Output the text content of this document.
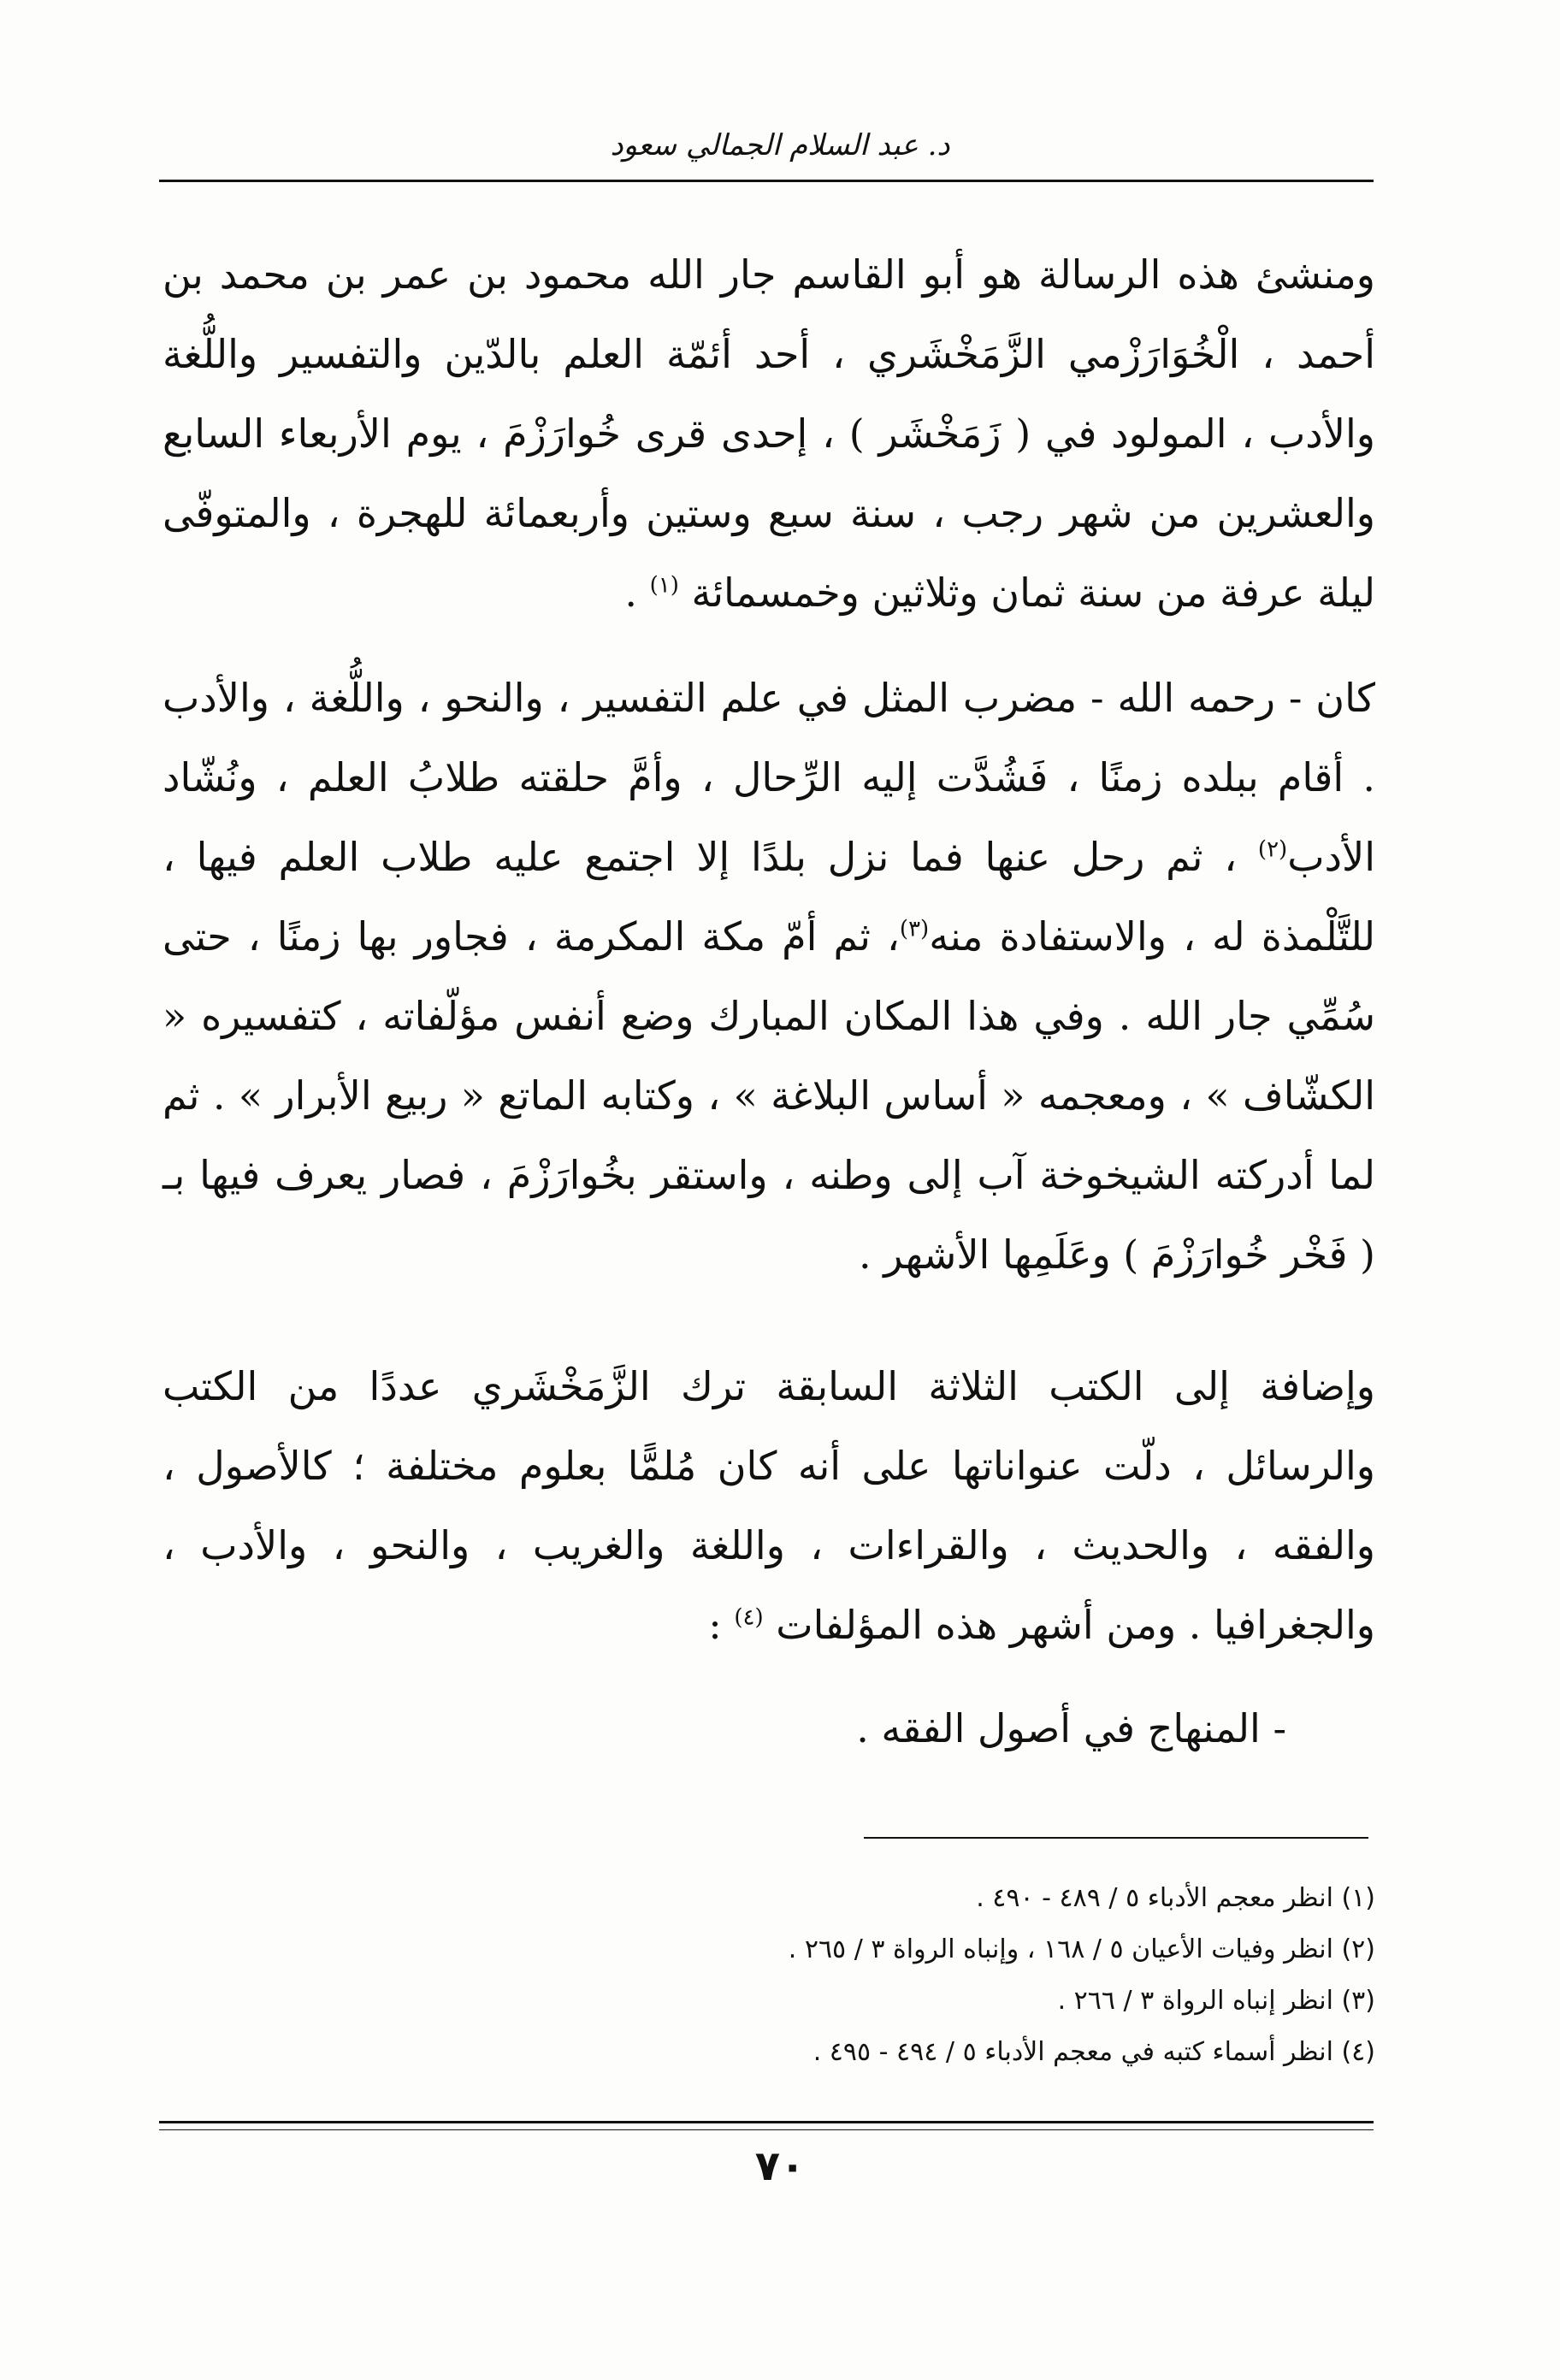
د. عبد السلام الجمالي سعود

ومنشئ هذه الرسالة هو أبو القاسم جار الله محمود بن عمر بن محمد بن أحمد ، الْخُوَارَزْمي الزَّمَخْشَري ، أحد أئمّة العلم بالدّين والتفسير واللُّغة والأدب ، المولود في ( زَمَخْشَر ) ، إحدى قرى خُوارَزْمَ ، يوم الأربعاء السابع والعشرين من شهر رجب ، سنة سبع وستين وأربعمائة للهجرة ، والمتوفّى ليلة عرفة من سنة ثمان وثلاثين وخمسمائة $^{(١)}$ .

كان - رحمه الله - مضرب المثل في علم التفسير ، والنحو ، واللُّغة ، والأدب . أقام ببلده زمنًا ، فَشُدَّت إليه الرِّحال ، وأمَّ حلقته طلابُ العلم ، ونُشّاد الأدب$^{(٢)}$ ، ثم رحل عنها فما نزل بلدًا إلا اجتمع عليه طلاب العلم فيها ، للتَّلْمذة له ، والاستفادة منه$^{(٣)}$، ثم أمّ مكة المكرمة ، فجاور بها زمنًا ، حتى سُمِّي جار الله . وفي هذا المكان المبارك وضع أنفس مؤلّفاته ، كتفسيره « الكشّاف » ، ومعجمه « أساس البلاغة » ، وكتابه الماتع « ربيع الأبرار » . ثم لما أدركته الشيخوخة آب إلى وطنه ، واستقر بخُوارَزْمَ ، فصار يعرف فيها بـ ( فَخْر خُوارَزْمَ ) وعَلَمِها الأشهر .

وإضافة إلى الكتب الثلاثة السابقة ترك الزَّمَخْشَري عددًا من الكتب والرسائل ، دلّت عنواناتها على أنه كان مُلمًّا بعلوم مختلفة ؛ كالأصول ، والفقه ، والحديث ، والقراءات ، واللغة والغريب ، والنحو ، والأدب ، والجغرافيا . ومن أشهر هذه المؤلفات $^{(٤)}$ :

- المنهاج في أصول الفقه .

(١) انظر معجم الأدباء ٥ / ٤٨٩ - ٤٩٠ .

(٢) انظر وفيات الأعيان ٥ / ١٦٨ ، وإنباه الرواة ٣ / ٢٦٥ .

(٣) انظر إنباه الرواة ٣ / ٢٦٦ .

(٤) انظر أسماء كتبه في معجم الأدباء ٥ / ٤٩٤ - ٤٩٥ .

٧٠
